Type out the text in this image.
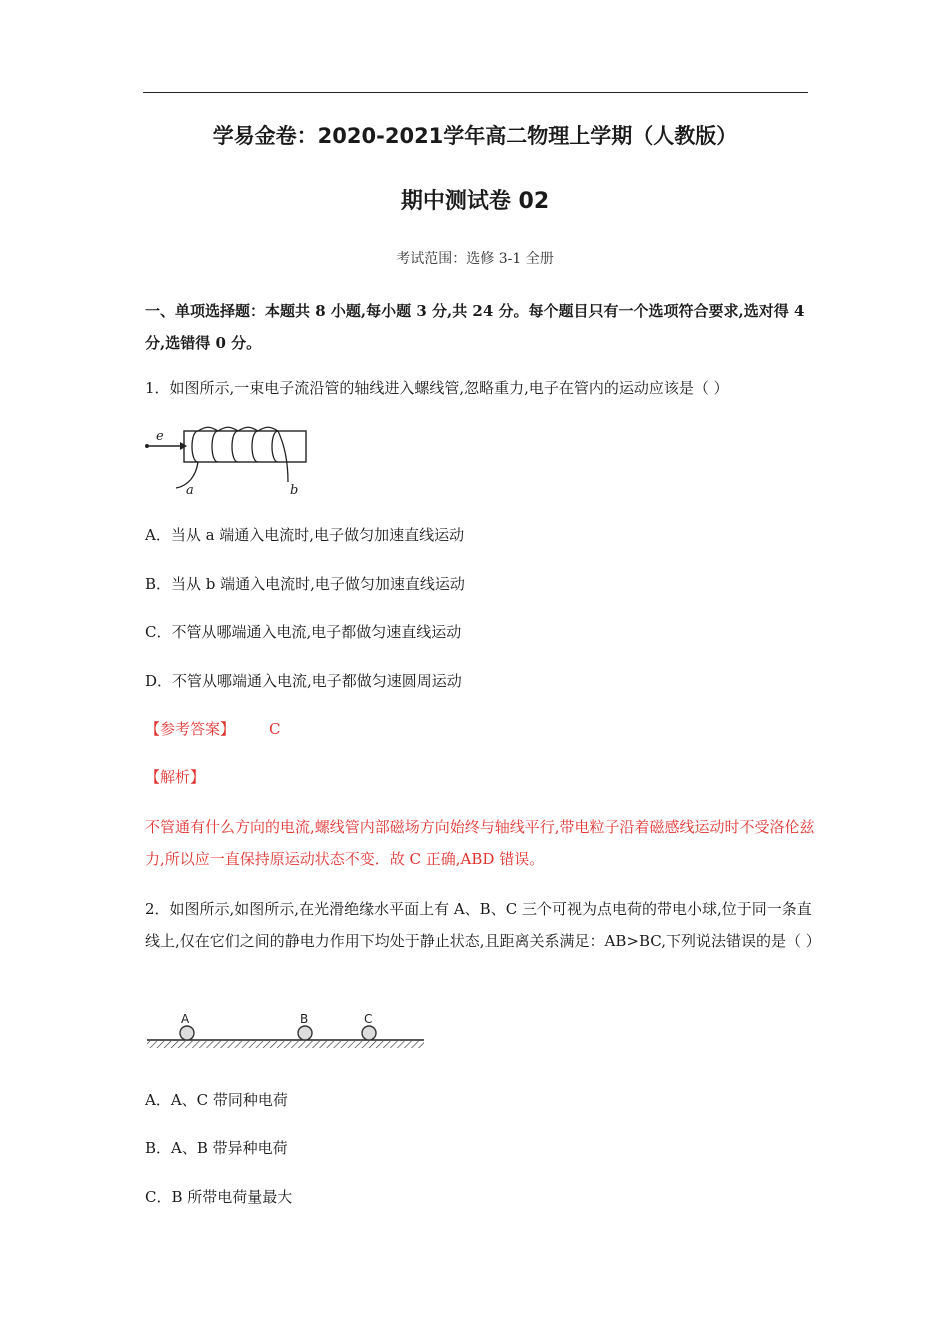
学易金卷：2020-2021学年高二物理上学期（人教版）
期中测试卷 02
考试范围：选修 3-1 全册
一、单项选择题：本题共 8 小题,每小题 3 分,共 24 分。每个题目只有一个选项符合要求,选对得 4 分,选错得 0 分。
1．如图所示,一束电子流沿管的轴线进入螺线管,忽略重力,电子在管内的运动应该是（ ）
e
a	b
A．当从 a 端通入电流时,电子做匀加速直线运动
B．当从 b 端通入电流时,电子做匀加速直线运动
C．不管从哪端通入电流,电子都做匀速直线运动
D．不管从哪端通入电流,电子都做匀速圆周运动
【参考答案】 C
【解析】
不管通有什么方向的电流,螺线管内部磁场方向始终与轴线平行,带电粒子沿着磁感线运动时不受洛伦兹力,所以应一直保持原运动状态不变．故 C 正确,ABD 错误。
2．如图所示,如图所示,在光滑绝缘水平面上有 A、B、C 三个可视为点电荷的带电小球,位于同一条直线上,仅在它们之间的静电力作用下均处于静止状态,且距离关系满足：AB>BC,下列说法错误的是（ ）
A	B	C
A．A、C 带同种电荷
B．A、B 带异种电荷
C．B 所带电荷量最大
